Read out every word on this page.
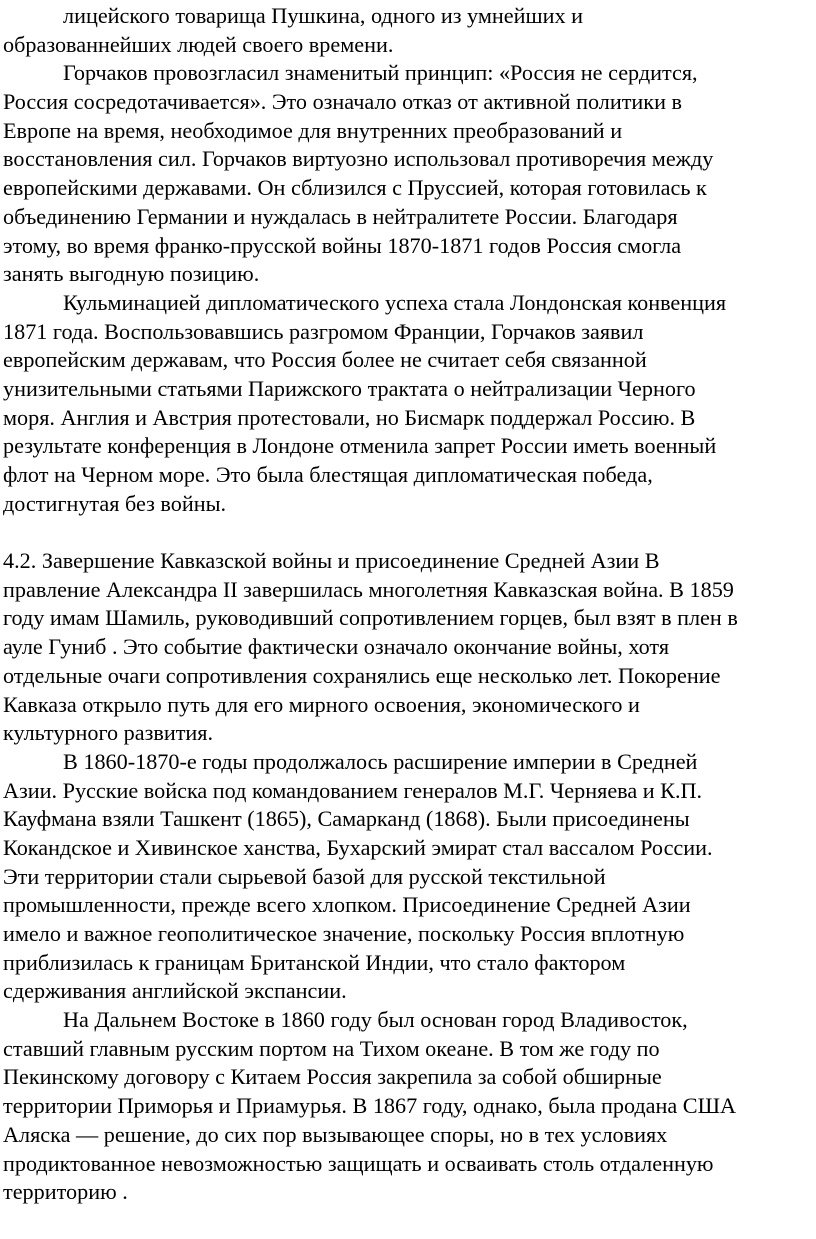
лицейского товарища Пушкина, одного из умнейших и
образованнейших людей своего времени.
Горчаков провозгласил знаменитый принцип: «Россия не сердится,
Россия сосредотачивается». Это означало отказ от активной политики в
Европе на время, необходимое для внутренних преобразований и
восстановления сил. Горчаков виртуозно использовал противоречия между
европейскими державами. Он сблизился с Пруссией, которая готовилась к
объединению Германии и нуждалась в нейтралитете России. Благодаря
этому, во время франко-прусской войны 1870-1871 годов Россия смогла
занять выгодную позицию.
Кульминацией дипломатического успеха стала Лондонская конвенция
1871 года. Воспользовавшись разгромом Франции, Горчаков заявил
европейским державам, что Россия более не считает себя связанной
унизительными статьями Парижского трактата о нейтрализации Черного
моря. Англия и Австрия протестовали, но Бисмарк поддержал Россию. В
результате конференция в Лондоне отменила запрет России иметь военный
флот на Черном море. Это была блестящая дипломатическая победа,
достигнутая без войны.
4.2. Завершение Кавказской войны и присоединение Средней Азии В
правление Александра II завершилась многолетняя Кавказская война. В 1859
году имам Шамиль, руководивший сопротивлением горцев, был взят в плен в
ауле Гуниб . Это событие фактически означало окончание войны, хотя
отдельные очаги сопротивления сохранялись еще несколько лет. Покорение
Кавказа открыло путь для его мирного освоения, экономического и
культурного развития.
В 1860-1870-е годы продолжалось расширение империи в Средней
Азии. Русские войска под командованием генералов М.Г. Черняева и К.П.
Кауфмана взяли Ташкент (1865), Самарканд (1868). Были присоединены
Кокандское и Хивинское ханства, Бухарский эмират стал вассалом России.
Эти территории стали сырьевой базой для русской текстильной
промышленности, прежде всего хлопком. Присоединение Средней Азии
имело и важное геополитическое значение, поскольку Россия вплотную
приблизилась к границам Британской Индии, что стало фактором
сдерживания английской экспансии.
На Дальнем Востоке в 1860 году был основан город Владивосток,
ставший главным русским портом на Тихом океане. В том же году по
Пекинскому договору с Китаем Россия закрепила за собой обширные
территории Приморья и Приамурья. В 1867 году, однако, была продана США
Аляска — решение, до сих пор вызывающее споры, но в тех условиях
продиктованное невозможностью защищать и осваивать столь отдаленную
территорию .
